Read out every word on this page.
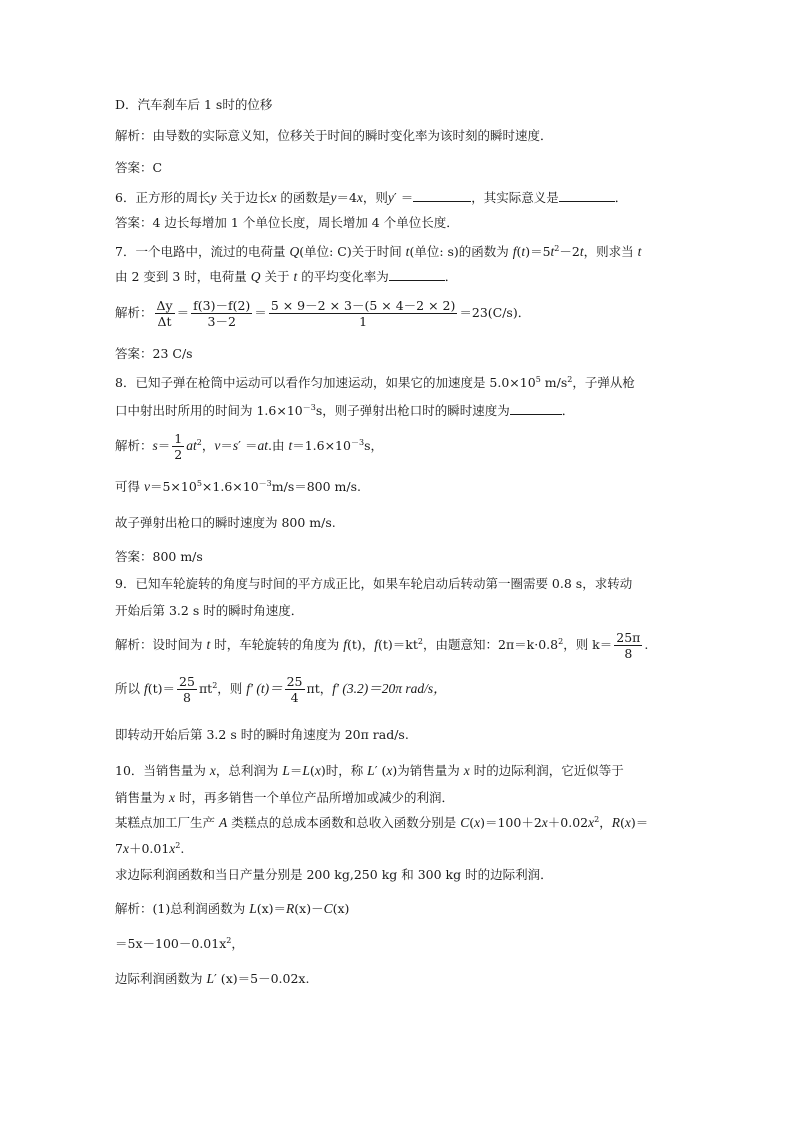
D．汽车刹车后 1 s时的位移
解析：由导数的实际意义知，位移关于时间的瞬时变化率为该时刻的瞬时速度．
答案：C
6．正方形的周长y 关于边长x 的函数是y＝4x，则y′ ＝	，其实际意义是	．
答案：4 边长每增加 1 个单位长度，周长增加 4 个单位长度．
7．一个电路中，流过的电荷量 Q(单位: C)关于时间 t(单位: s)的函数为 $f(t)=5t^2-2t$，则求当 t
由 2 变到 3 时，电荷量 Q 关于 t 的平均变化率为	．
解析： $\frac{\Delta y}{\Delta t} = \frac{f(3)-f(2)}{3-2} = \frac{5 \times 9-2 \times 3-(5 \times 4-2 \times 2)}{1} =23(C/s)$．
答案：23 C/s
8．已知子弹在枪筒中运动可以看作匀加速运动，如果它的加速度是 $5.0\times 10^5$ $m/s^2$，子弹从枪
口中射出时所用的时间为 $1.6\times 10^{-3}s$，则子弹射出枪口时的瞬时速度为	．
解析：$s= \frac{1}{2} at^2$，v＝s′ ＝at.由 $t=1.6\times 10^{-3}s$，
可得 $v=5\times 10^5\times 1.6\times 10^{-3}m/s=800$ m/s.
故子弹射出枪口的瞬时速度为 800 m/s.
答案：800 m/s
9．已知车轮旋转的角度与时间的平方成正比，如果车轮启动后转动第一圈需要 0.8 s，求转动
开始后第 3.2 s 时的瞬时角速度．
解析：设时间为 t 时，车轮旋转的角度为 f(t)，$f(t)=kt^2$，由题意知：$2\pi=k\cdot 0.8^2$，则 $k= \frac{25\pi}{8}$ .
所以 $f(t)= \frac{25}{8} \pi t^2$，则 f′ $(t)= \frac{25}{4}$ πt，f′ (3.2)＝20π rad/s，
即转动开始后第 3.2 s 时的瞬时角速度为 20π rad/s.
10．当销售量为 x，总利润为 L＝L(x)时，称 L′ (x)为销售量为 x 时的边际利润，它近似等于
销售量为 x 时，再多销售一个单位产品所增加或减少的利润．
某糕点加工厂生产 A 类糕点的总成本函数和总收入函数分别是 $C(x)=100+2x+0.02x^2$，R(x)＝
$7x+0.01x^2$.
求边际利润函数和当日产量分别是 200 kg,250 kg 和 300 kg 时的边际利润．
解析：(1)总利润函数为 L(x)＝R(x)－C(x)
$=5x-100-0.01x^2$，
边际利润函数为 L′ (x)＝5－0.02x.
